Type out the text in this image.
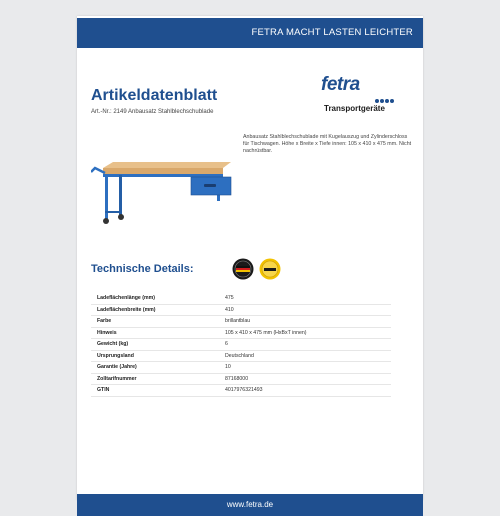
FETRA MACHT LASTEN LEICHTER
Artikeldatenblatt
Art.-Nr.: 2149 Anbausatz Stahlblechschublade
fetra
Transportgeräte
Anbausatz Stahlblechschublade mit Kugelauszug und Zylinderschloss für Tischwagen. Höhe x Breite x Tiefe innen: 105 x 410 x 475 mm. Nicht nachrüstbar.
Technische Details:
Ladeflächenlänge (mm)	475
Ladeflächenbreite (mm)	410
Farbe	brillantblau
Hinweis	105 x 410 x 475 mm (HxBxT innen)
Gewicht (kg)	6
Ursprungsland	Deutschland
Garantie (Jahre)	10
Zolltarifnummer	87168000
GTIN	4017976321493
www.fetra.de
